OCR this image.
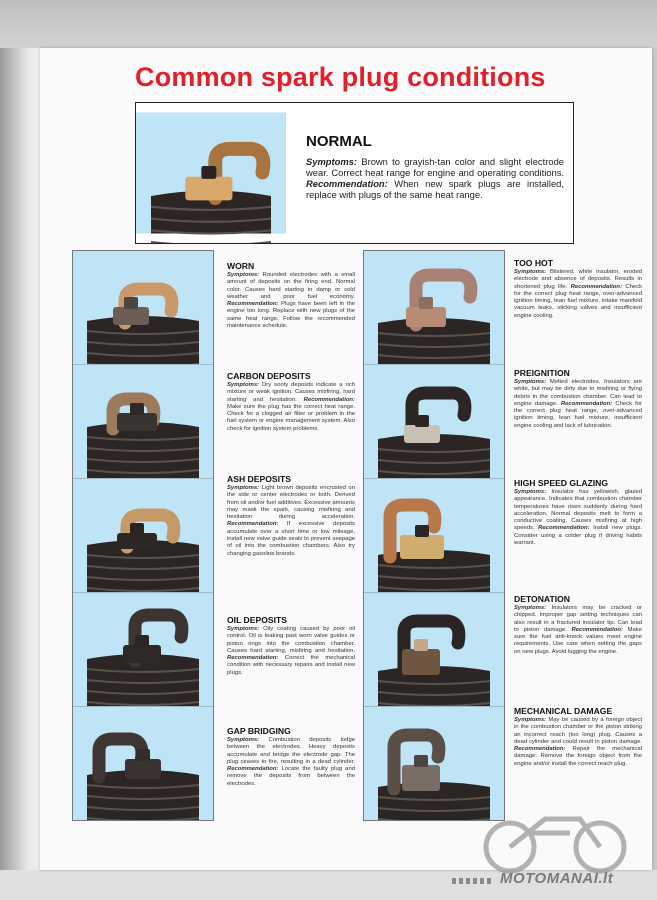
Common spark plug conditions
NORMAL

Symptoms: Brown to grayish-tan color and slight electrode wear. Correct heat range for engine and operating conditions. Recommendation: When new spark plugs are installed, replace with plugs of the same heat range.

WORN

Symptoms: Rounded electrodes with a small amount of deposits on the firing end. Normal color. Causes hard starting in damp or cold weather and poor fuel economy. Recommendation: Plugs have been left in the engine too long. Replace with new plugs of the same heat range. Follow the recommended maintenance schedule.

CARBON DEPOSITS

Symptoms: Dry sooty deposits indicate a rich mixture or weak ignition. Causes misfiring, hard starting and hesitation. Recommendation: Make sure the plug has the correct heat range. Check for a clogged air filter or problem in the fuel system or engine management system. Also check for ignition system problems.

ASH DEPOSITS

Symptoms: Light brown deposits encrusted on the side or center electrodes or both. Derived from oil and/or fuel additives. Excessive amounts may mask the spark, causing misfiring and hesitation during acceleration. Recommendation: If excessive deposits accumulate over a short time or low mileage, install new valve guide seals to prevent seepage of oil into the combustion chambers. Also try changing gasoline brands.

OIL DEPOSITS

Symptoms: Oily coating caused by poor oil control. Oil is leaking past worn valve guides or piston rings into the combustion chamber. Causes hard starting, misfiring and hesitation. Recommendation: Correct the mechanical condition with necessary repairs and install new plugs.

GAP BRIDGING

Symptoms: Combustion deposits lodge between the electrodes. Heavy deposits accumulate and bridge the electrode gap. The plug ceases to fire, resulting in a dead cylinder. Recommendation: Locate the faulty plug and remove the deposits from between the electrodes.

TOO HOT

Symptoms: Blistered, white insulator, eroded electrode and absence of deposits. Results in shortened plug life. Recommendation: Check for the correct plug heat range, over-advanced ignition timing, lean fuel mixture, intake manifold vacuum leaks, sticking valves and insufficient engine cooling.

PREIGNITION

Symptoms: Melted electrodes. Insulators are white, but may be dirty due to misfiring or flying debris in the combustion chamber. Can lead to engine damage. Recommendation: Check for the correct plug heat range, over-advanced ignition timing, lean fuel mixture, insufficient engine cooling and lack of lubrication.

HIGH SPEED GLAZING

Symptoms: Insulator has yellowish, glazed appearance. Indicates that combustion chamber temperatures have risen suddenly during hard acceleration. Normal deposits melt to form a conductive coating. Causes misfiring at high speeds. Recommendation: Install new plugs. Consider using a colder plug if driving habits warrant.

DETONATION

Symptoms: Insulators may be cracked or chipped. Improper gap setting techniques can also result in a fractured insulator tip. Can lead to piston damage. Recommendation: Make sure the fuel anti-knock values meet engine requirements. Use care when setting the gaps on new plugs. Avoid lugging the engine.

MECHANICAL DAMAGE

Symptoms: May be caused by a foreign object in the combustion chamber or the piston striking an incorrect reach (too long) plug. Causes a dead cylinder and could result in piston damage. Recommendation: Repair the mechanical damage. Remove the foreign object from the engine and/or install the correct reach plug.

MOTOMANAI.lt
